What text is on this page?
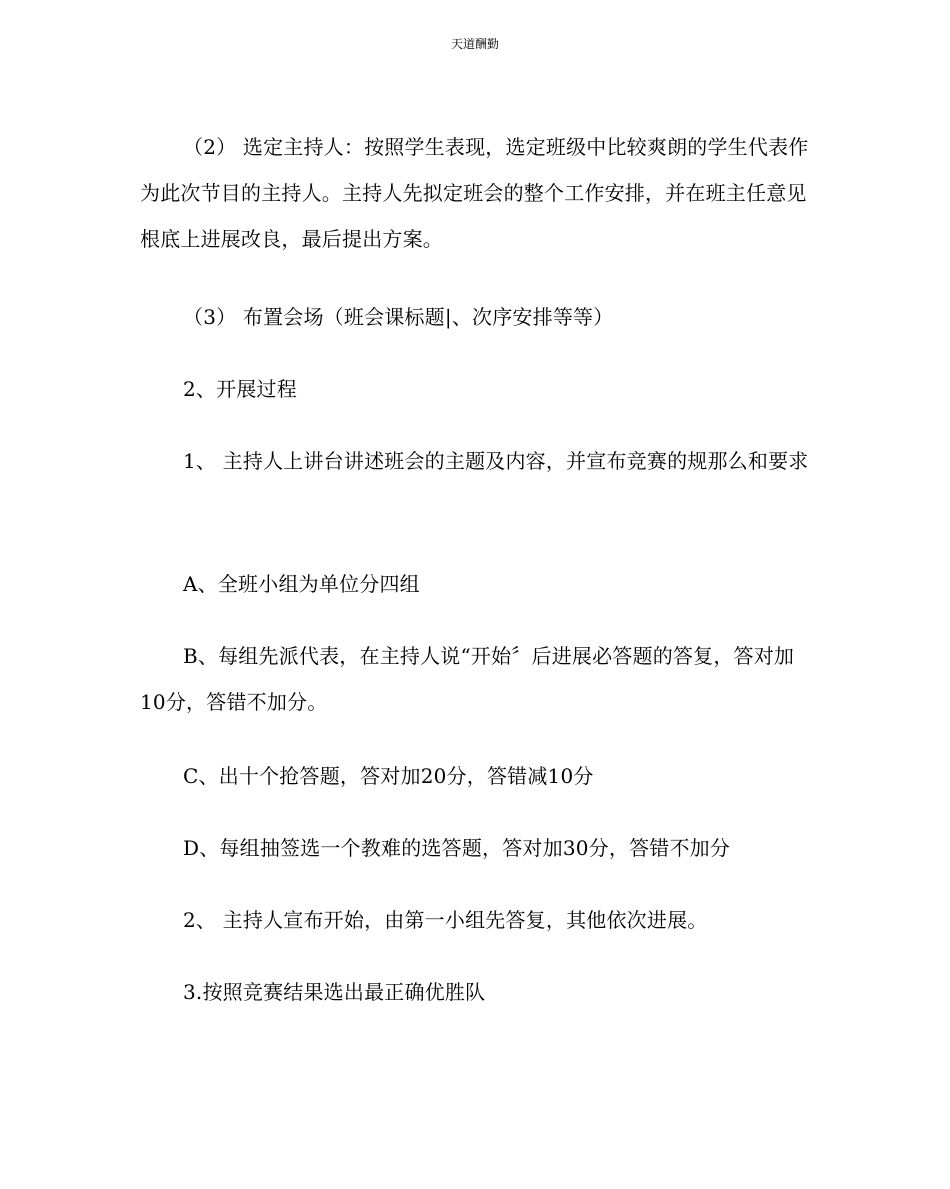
天道酬勤

（2） 选定主持人：按照学生表现，选定班级中比较爽朗的学生代表作为此次节目的主持人。主持人先拟定班会的整个工作安排，并在班主任意见根底上进展改良，最后提出方案。

（3） 布置会场（班会课标题|、次序安排等等）

2、开展过程

1、 主持人上讲台讲述班会的主题及内容，并宣布竞赛的规那么和要求

A、全班小组为单位分四组

B、每组先派代表，在主持人说“开始〞后进展必答题的答复，答对加10分，答错不加分。

C、出十个抢答题，答对加20分，答错减10分

D、每组抽签选一个教难的选答题，答对加30分，答错不加分

2、 主持人宣布开始，由第一小组先答复，其他依次进展。

3.按照竞赛结果选出最正确优胜队
